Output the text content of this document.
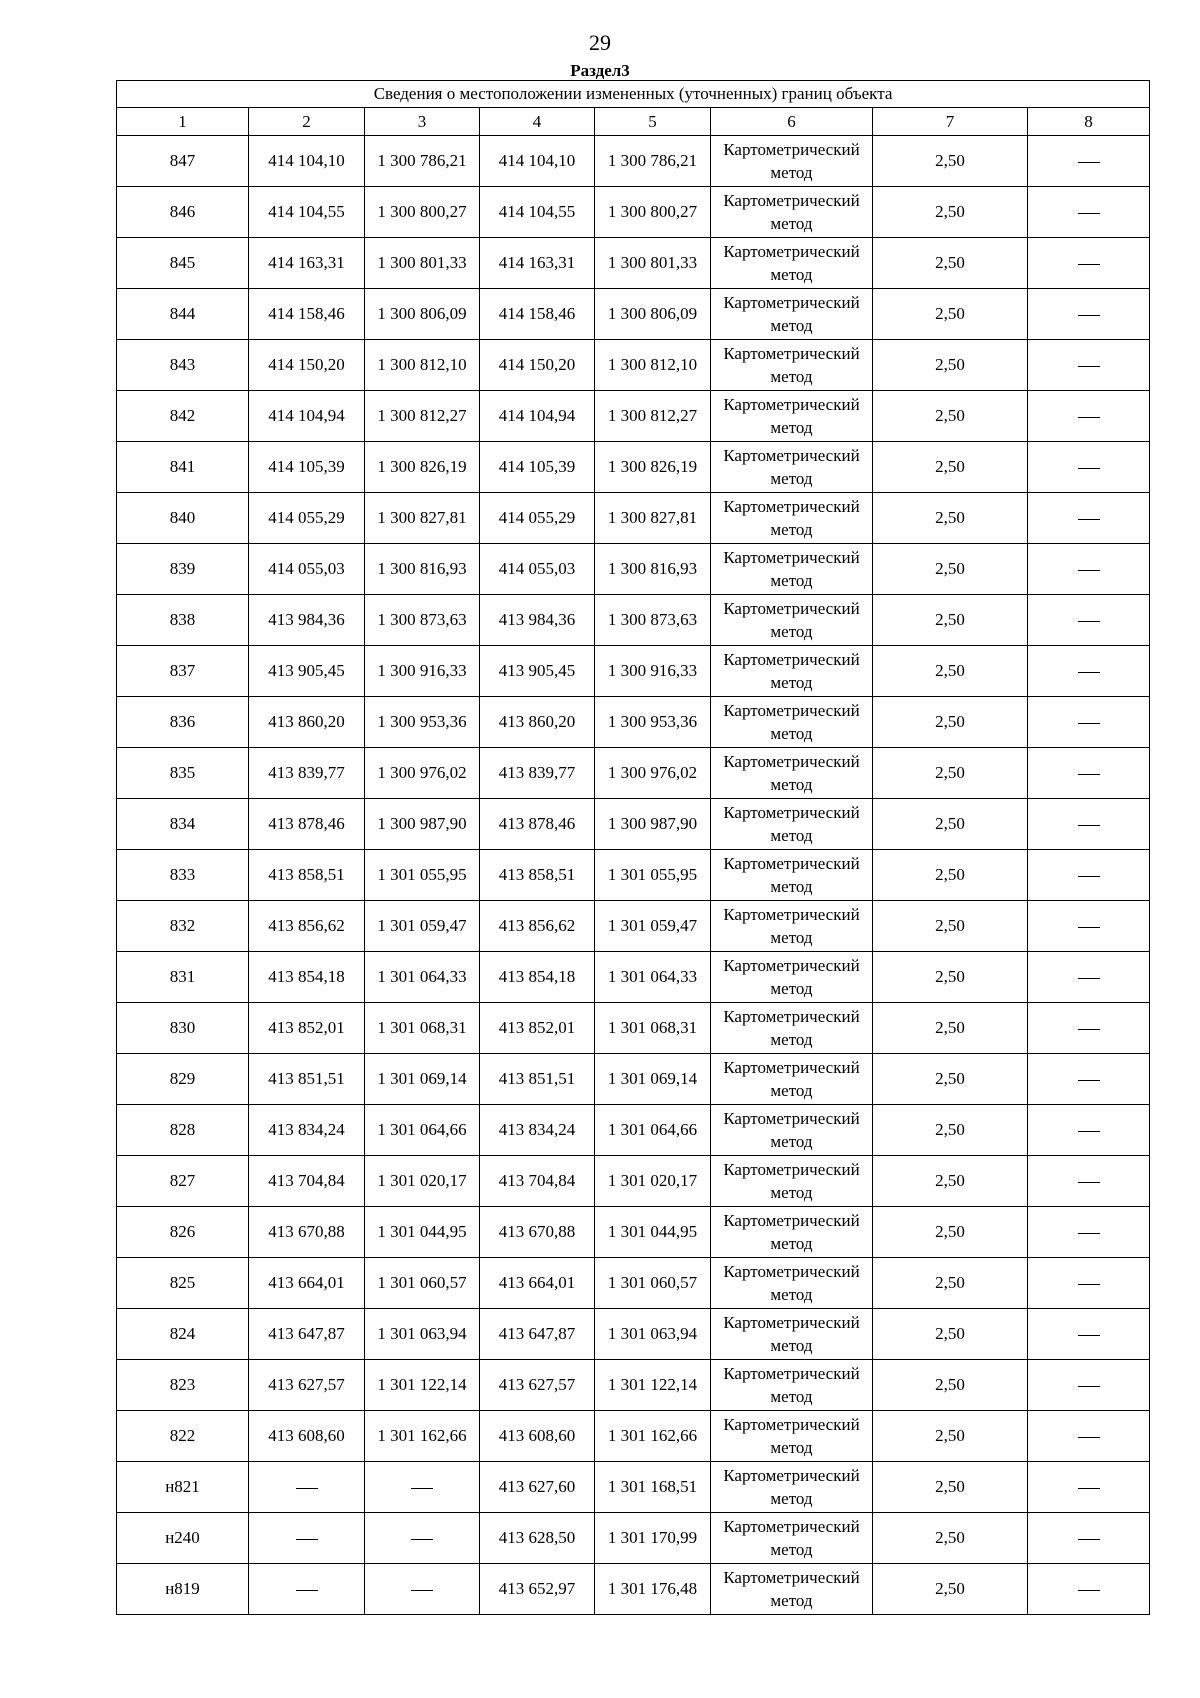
29
Раздел3
Сведения о местоположении измененных (уточненных) границ объекта							
1	2	3	4	5	6	7	8
847	414 104,10	1 300 786,21	414 104,10	1 300 786,21	Картометрический метод	2,50	
846	414 104,55	1 300 800,27	414 104,55	1 300 800,27	Картометрический метод	2,50	
845	414 163,31	1 300 801,33	414 163,31	1 300 801,33	Картометрический метод	2,50	
844	414 158,46	1 300 806,09	414 158,46	1 300 806,09	Картометрический метод	2,50	
843	414 150,20	1 300 812,10	414 150,20	1 300 812,10	Картометрический метод	2,50	
842	414 104,94	1 300 812,27	414 104,94	1 300 812,27	Картометрический метод	2,50	
841	414 105,39	1 300 826,19	414 105,39	1 300 826,19	Картометрический метод	2,50	
840	414 055,29	1 300 827,81	414 055,29	1 300 827,81	Картометрический метод	2,50	
839	414 055,03	1 300 816,93	414 055,03	1 300 816,93	Картометрический метод	2,50	
838	413 984,36	1 300 873,63	413 984,36	1 300 873,63	Картометрический метод	2,50	
837	413 905,45	1 300 916,33	413 905,45	1 300 916,33	Картометрический метод	2,50	
836	413 860,20	1 300 953,36	413 860,20	1 300 953,36	Картометрический метод	2,50	
835	413 839,77	1 300 976,02	413 839,77	1 300 976,02	Картометрический метод	2,50	
834	413 878,46	1 300 987,90	413 878,46	1 300 987,90	Картометрический метод	2,50	
833	413 858,51	1 301 055,95	413 858,51	1 301 055,95	Картометрический метод	2,50	
832	413 856,62	1 301 059,47	413 856,62	1 301 059,47	Картометрический метод	2,50	
831	413 854,18	1 301 064,33	413 854,18	1 301 064,33	Картометрический метод	2,50	
830	413 852,01	1 301 068,31	413 852,01	1 301 068,31	Картометрический метод	2,50	
829	413 851,51	1 301 069,14	413 851,51	1 301 069,14	Картометрический метод	2,50	
828	413 834,24	1 301 064,66	413 834,24	1 301 064,66	Картометрический метод	2,50	
827	413 704,84	1 301 020,17	413 704,84	1 301 020,17	Картометрический метод	2,50	
826	413 670,88	1 301 044,95	413 670,88	1 301 044,95	Картометрический метод	2,50	
825	413 664,01	1 301 060,57	413 664,01	1 301 060,57	Картометрический метод	2,50	
824	413 647,87	1 301 063,94	413 647,87	1 301 063,94	Картометрический метод	2,50	
823	413 627,57	1 301 122,14	413 627,57	1 301 122,14	Картометрический метод	2,50	
822	413 608,60	1 301 162,66	413 608,60	1 301 162,66	Картометрический метод	2,50	
н821			413 627,60	1 301 168,51	Картометрический метод	2,50	
н240			413 628,50	1 301 170,99	Картометрический метод	2,50	
н819			413 652,97	1 301 176,48	Картометрический метод	2,50	
